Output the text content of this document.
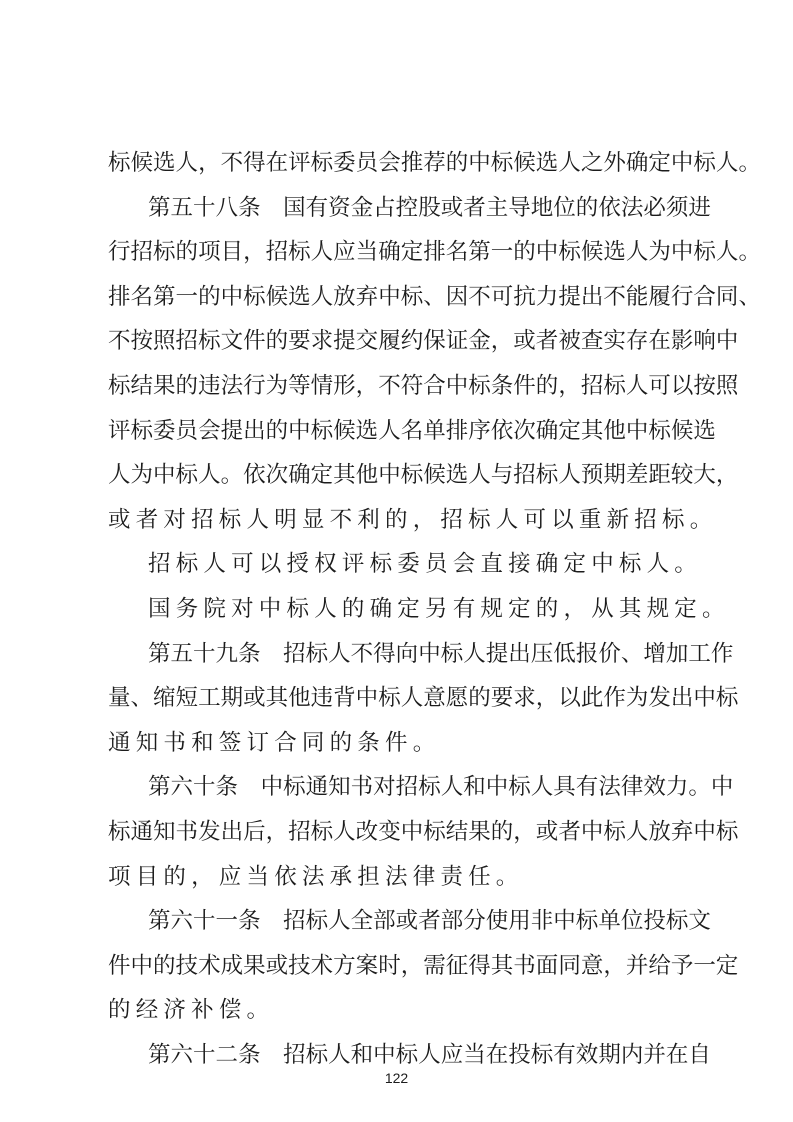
标 候 选 人 ， 不 得 在 评 标 委 员 会 推 荐 的 中 标 候 选 人 之 外 确 定 中 标 人 。
第 五 十 八 条
　 国 有 资 金 占 控 股 或 者 主 导 地 位 的 依 法 必 须 进
行 招 标 的 项 目 ， 招 标 人 应 当 确 定 排 名 第 一 的 中 标 候 选 人 为 中 标 人 。
排 名 第 一 的 中 标 候 选 人 放 弃 中 标 、 因 不 可 抗 力 提 出 不 能 履 行 合 同 、
不 按 照 招 标 文 件 的 要 求 提 交 履 约 保 证 金 ， 或 者 被 查 实 存 在 影 响 中
标 结 果 的 违 法 行 为 等 情 形 ， 不 符 合 中 标 条 件 的 ， 招 标 人 可 以 按 照
评 标 委 员 会 提 出 的 中 标 候 选 人 名 单 排 序 依 次 确 定 其 他 中 标 候 选
人 为 中 标 人 。 依 次 确 定 其 他 中 标 候 选 人 与 招 标 人 预 期 差 距 较 大 ，
或者对招标人明显不利的，招标人可以重新招标。
招标人可以授权评标委员会直接确定中标人。
国务院对中标人的确定另有规定的，从其规定。
第 五 十 九 条
　 招 标 人 不 得 向 中 标 人 提 出 压 低 报 价 、 增 加 工 作
量 、 缩 短 工 期 或 其 他 违 背 中 标 人 意 愿 的 要 求 ， 以 此 作 为 发 出 中 标
通知书和签订合同的条件。
第 六 十 条
　 中 标 通 知 书 对 招 标 人 和 中 标 人 具 有 法 律 效 力 。 中
标 通 知 书 发 出 后 ， 招 标 人 改 变 中 标 结 果 的 ， 或 者 中 标 人 放 弃 中 标
项目的，应当依法承担法律责任。
第 六 十 一 条
　 招 标 人 全 部 或 者 部 分 使 用 非 中 标 单 位 投 标 文
件 中 的 技 术 成 果 或 技 术 方 案 时 ， 需 征 得 其 书 面 同 意 ， 并 给 予 一 定
的经济补偿。
第 六 十 二 条
　 招 标 人 和 中 标 人 应 当 在 投 标 有 效 期 内 并 在 自
122
